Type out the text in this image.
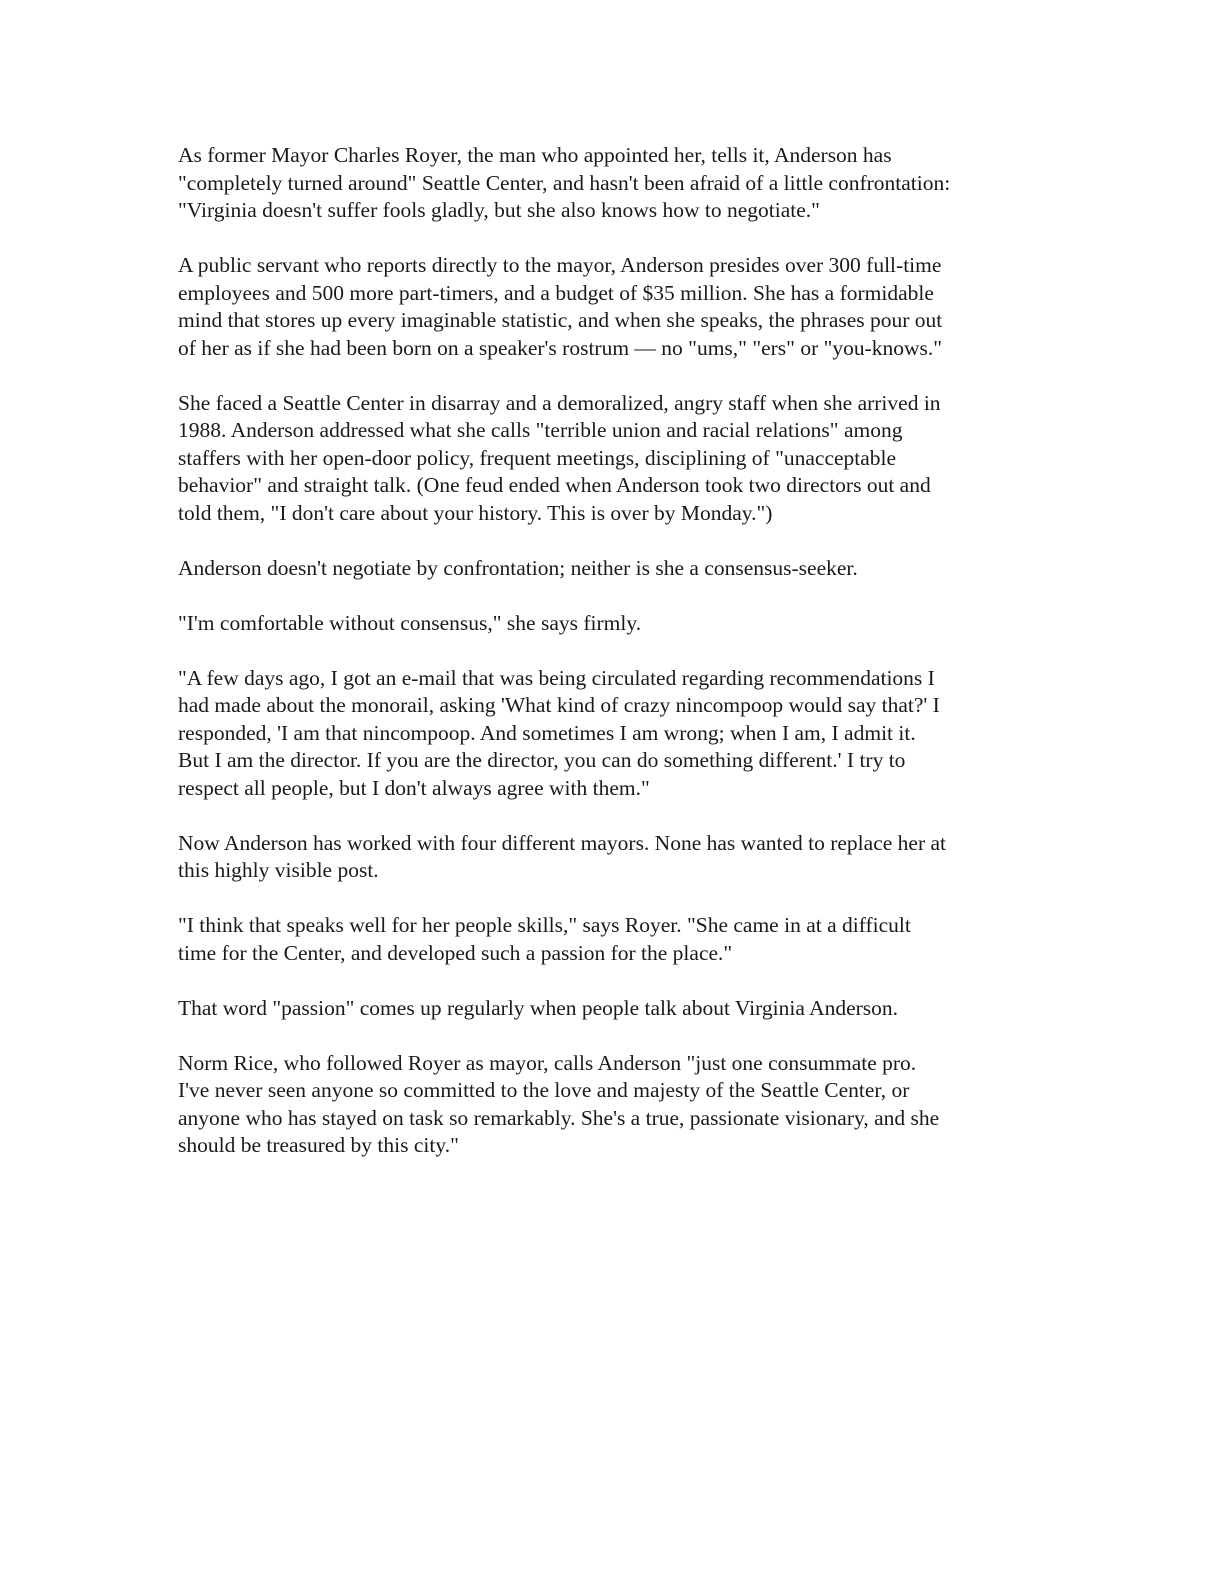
As former Mayor Charles Royer, the man who appointed her, tells it, Anderson has
"completely turned around" Seattle Center, and hasn't been afraid of a little confrontation:
"Virginia doesn't suffer fools gladly, but she also knows how to negotiate."

A public servant who reports directly to the mayor, Anderson presides over 300 full-time
employees and 500 more part-timers, and a budget of $35 million. She has a formidable
mind that stores up every imaginable statistic, and when she speaks, the phrases pour out
of her as if she had been born on a speaker's rostrum — no "ums," "ers" or "you-knows."

She faced a Seattle Center in disarray and a demoralized, angry staff when she arrived in
1988. Anderson addressed what she calls "terrible union and racial relations" among
staffers with her open-door policy, frequent meetings, disciplining of "unacceptable
behavior" and straight talk. (One feud ended when Anderson took two directors out and
told them, "I don't care about your history. This is over by Monday.")

Anderson doesn't negotiate by confrontation; neither is she a consensus-seeker.

"I'm comfortable without consensus," she says firmly.

"A few days ago, I got an e-mail that was being circulated regarding recommendations I
had made about the monorail, asking 'What kind of crazy nincompoop would say that?' I
responded, 'I am that nincompoop. And sometimes I am wrong; when I am, I admit it.
But I am the director. If you are the director, you can do something different.' I try to
respect all people, but I don't always agree with them."

Now Anderson has worked with four different mayors. None has wanted to replace her at
this highly visible post.

"I think that speaks well for her people skills," says Royer. "She came in at a difficult
time for the Center, and developed such a passion for the place."

That word "passion" comes up regularly when people talk about Virginia Anderson.

Norm Rice, who followed Royer as mayor, calls Anderson "just one consummate pro.
I've never seen anyone so committed to the love and majesty of the Seattle Center, or
anyone who has stayed on task so remarkably. She's a true, passionate visionary, and she
should be treasured by this city."
